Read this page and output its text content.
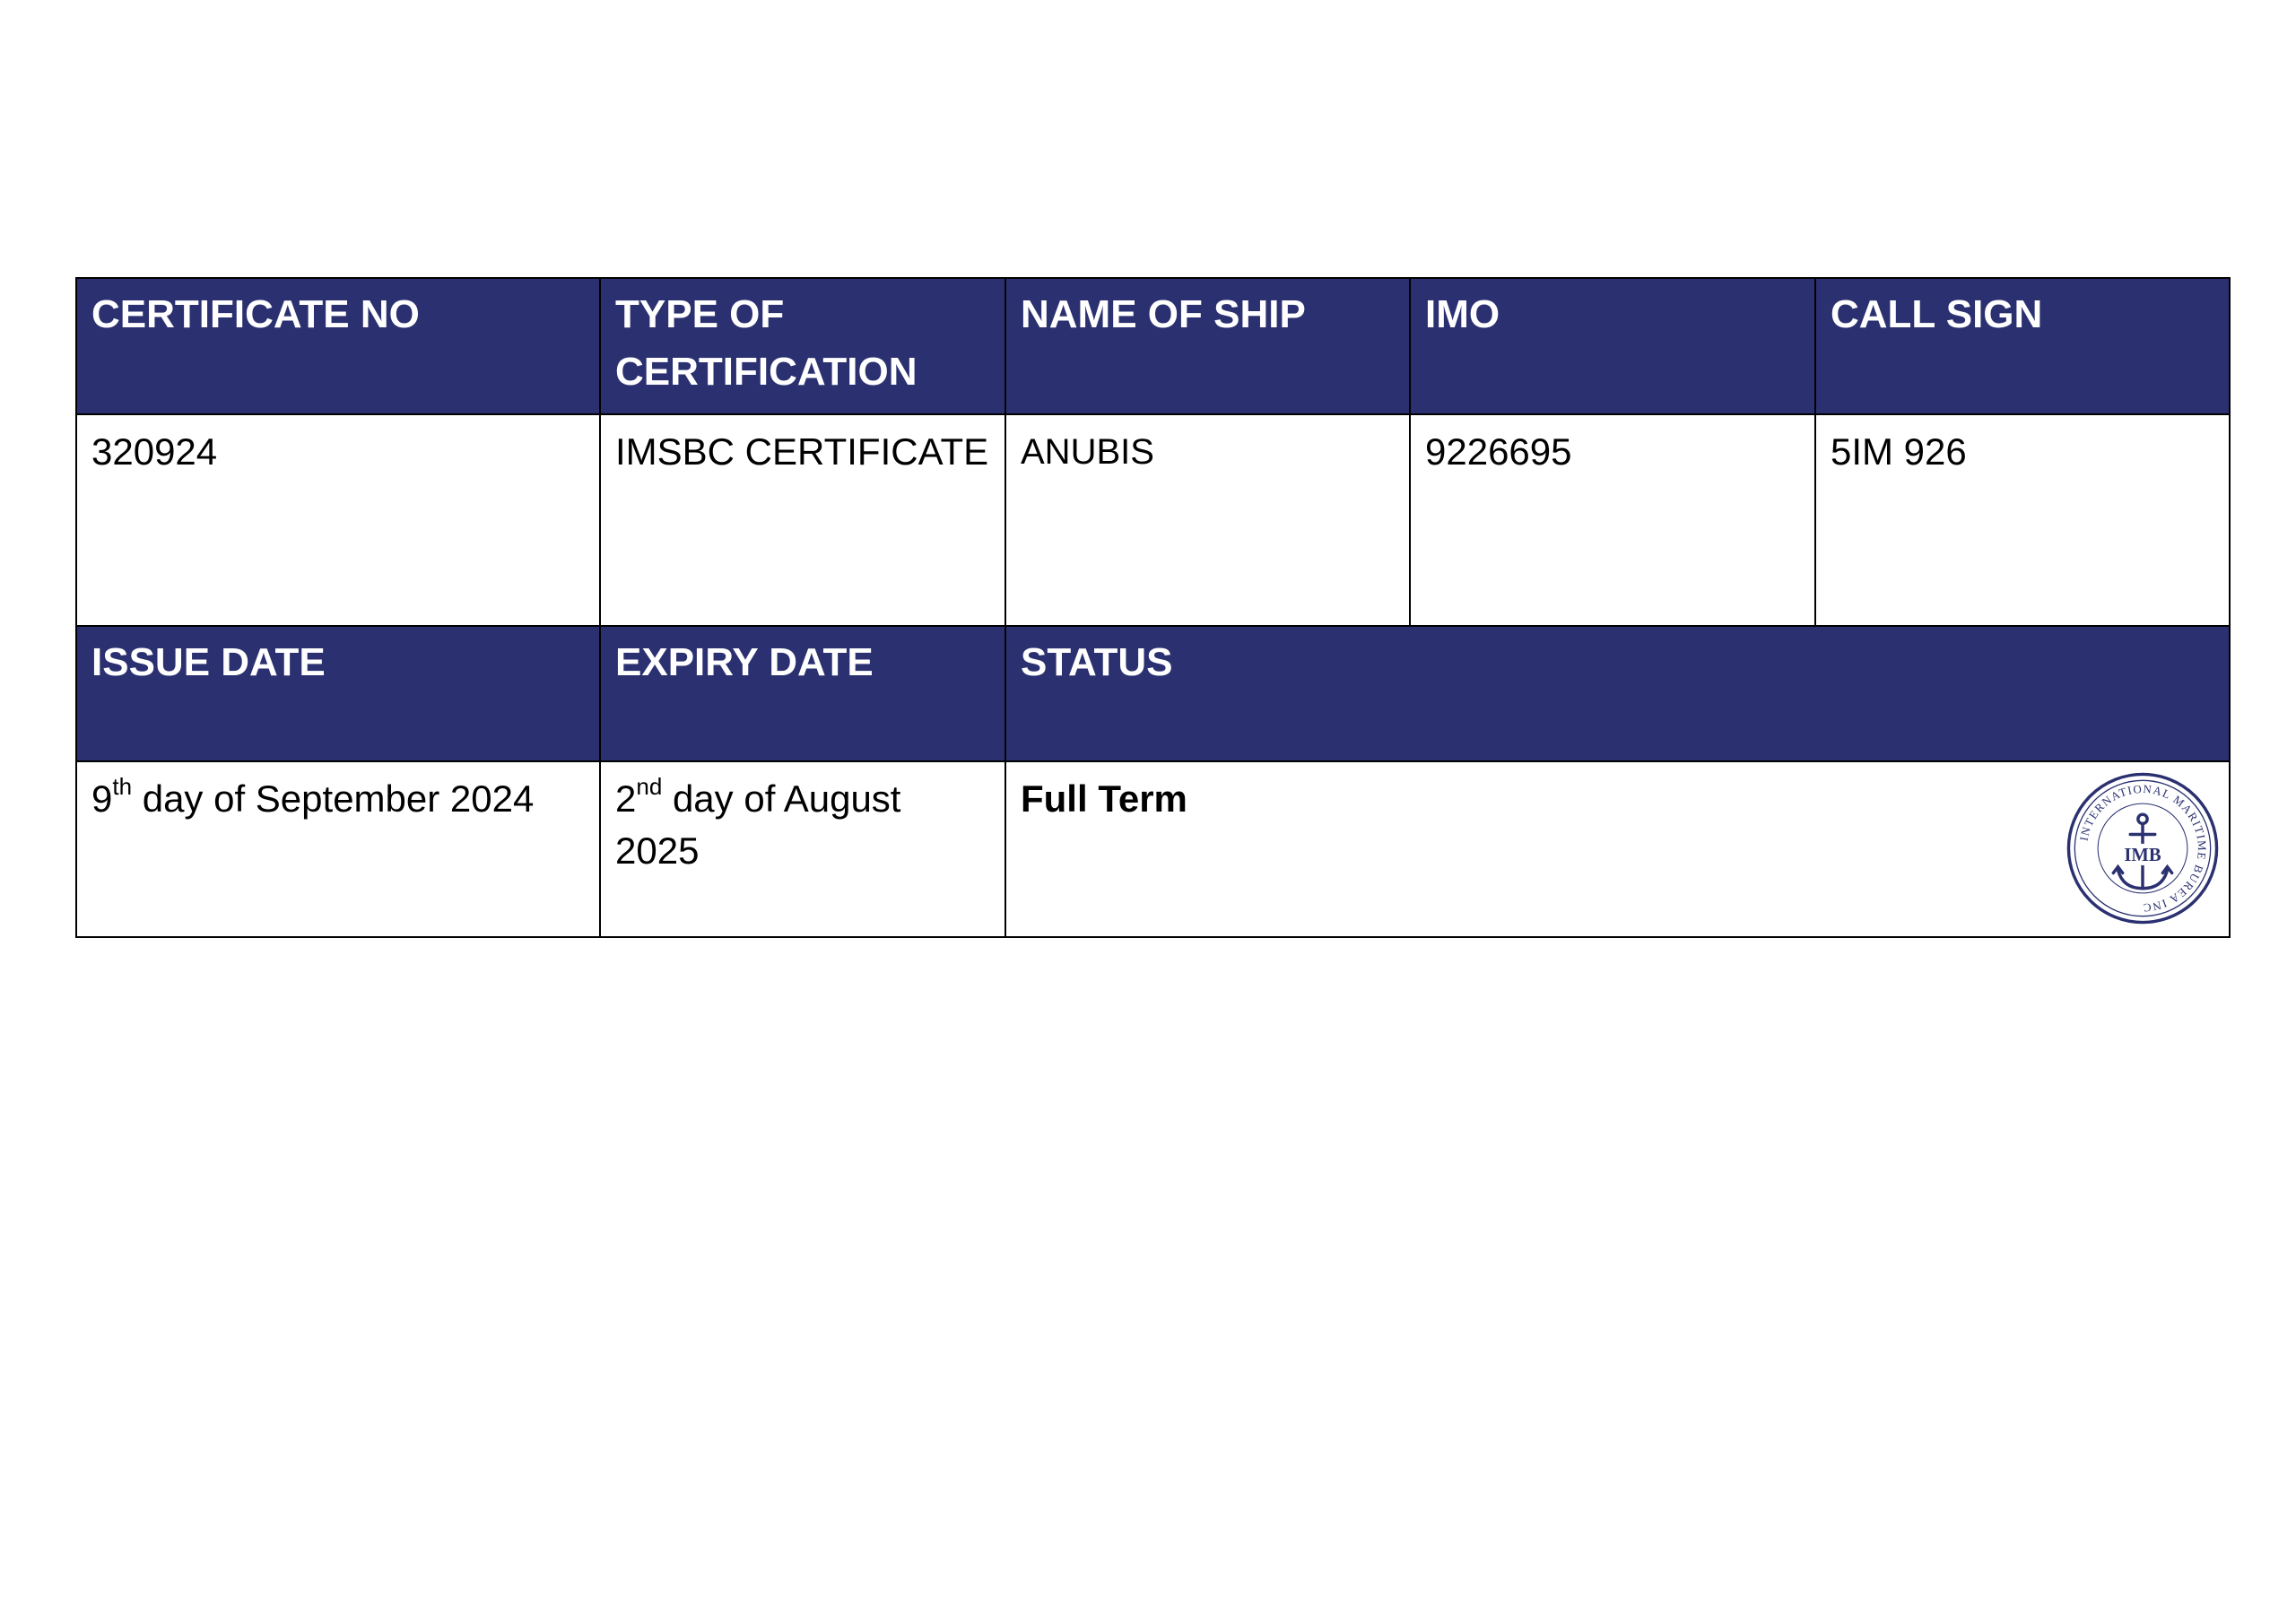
CERTIFICATE NO	TYPE OF CERTIFICATION	NAME OF SHIP	IMO	CALL SIGN
320924	IMSBC CERTIFICATE	ANUBIS	9226695	5IM 926
ISSUE DATE	EXPIRY DATE	STATUS		
9th day of September 2024	2nd day of August 2025	Full Term
INTERNATIONAL MARITIME BUREA INC
IMB		
